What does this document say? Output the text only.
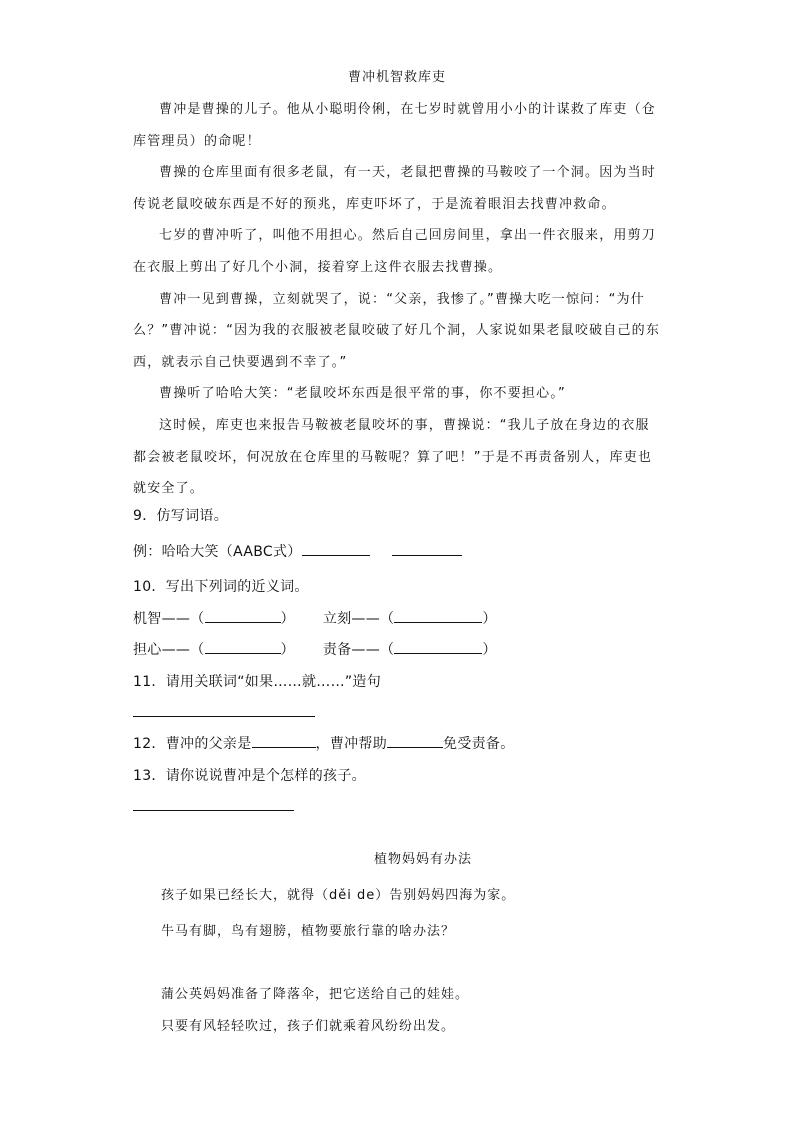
曹冲机智救库吏

曹冲是曹操的儿子。他从小聪明伶俐，在七岁时就曾用小小的计谋救了库吏（仓库管理员）的命呢！

曹操的仓库里面有很多老鼠，有一天，老鼠把曹操的马鞍咬了一个洞。因为当时传说老鼠咬破东西是不好的预兆，库吏吓坏了，于是流着眼泪去找曹冲救命。

七岁的曹冲听了，叫他不用担心。然后自己回房间里，拿出一件衣服来，用剪刀在衣服上剪出了好几个小洞，接着穿上这件衣服去找曹操。

曹冲一见到曹操，立刻就哭了，说：“父亲，我惨了。”曹操大吃一惊问：“为什么？”曹冲说：“因为我的衣服被老鼠咬破了好几个洞，人家说如果老鼠咬破自己的东西，就表示自己快要遇到不幸了。”

曹操听了哈哈大笑：“老鼠咬坏东西是很平常的事，你不要担心。”

这时候，库吏也来报告马鞍被老鼠咬坏的事，曹操说：“我儿子放在身边的衣服都会被老鼠咬坏，何况放在仓库里的马鞍呢？算了吧！”于是不再责备别人，库吏也就安全了。

9．仿写词语。
例：哈哈大笑（AABC式）
10．写出下列词的近义词。
机智——（	） 立刻——（	）
担心——（	） 责备——（	）
11．请用关联词“如果……就……”造句
12．曹冲的父亲是	，曹冲帮助	免受责备。
13．请你说说曹冲是个怎样的孩子。
植物妈妈有办法
孩子如果已经长大，就得（děi de）告别妈妈四海为家。
牛马有脚，鸟有翅膀，植物要旅行靠的啥办法？
蒲公英妈妈准备了降落伞，把它送给自己的娃娃。
只要有风轻轻吹过，孩子们就乘着风纷纷出发。
